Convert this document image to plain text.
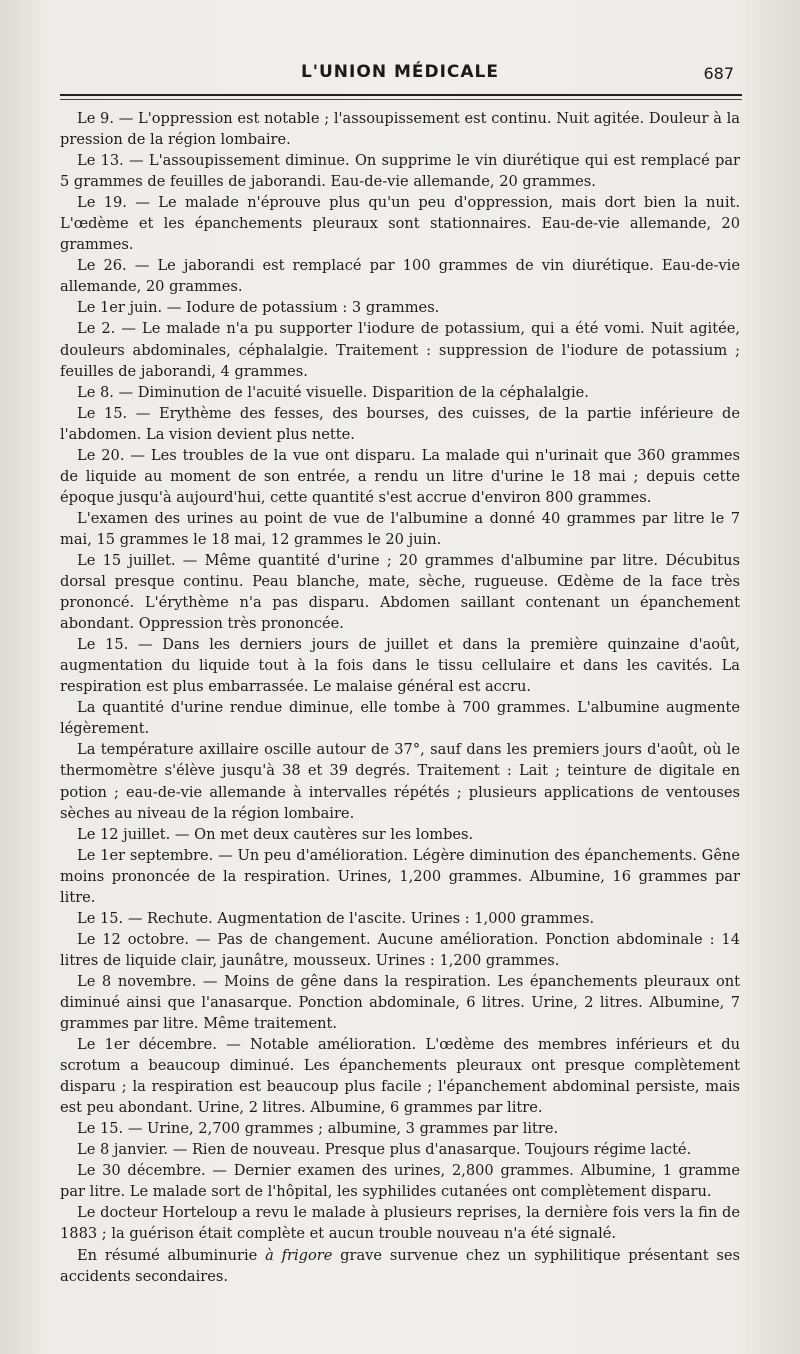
L'UNION MÉDICALE	687

Le 9. — L'oppression est notable ; l'assoupissement est continu. Nuit agitée. Douleur à la pression de la région lombaire.

Le 13. — L'assoupissement diminue. On supprime le vin diurétique qui est remplacé par 5 grammes de feuilles de jaborandi. Eau-de-vie allemande, 20 grammes.

Le 19. — Le malade n'éprouve plus qu'un peu d'oppression, mais dort bien la nuit. L'œdème et les épanchements pleuraux sont stationnaires. Eau-de-vie allemande, 20 grammes.

Le 26. — Le jaborandi est remplacé par 100 grammes de vin diurétique. Eau-de-vie allemande, 20 grammes.

Le 1er juin. — Iodure de potassium : 3 grammes.

Le 2. — Le malade n'a pu supporter l'iodure de potassium, qui a été vomi. Nuit agitée, douleurs abdominales, céphalalgie. Traitement : suppression de l'iodure de potassium ; feuilles de jaborandi, 4 grammes.

Le 8. — Diminution de l'acuité visuelle. Disparition de la céphalalgie.

Le 15. — Erythème des fesses, des bourses, des cuisses, de la partie inférieure de l'abdomen. La vision devient plus nette.

Le 20. — Les troubles de la vue ont disparu. La malade qui n'urinait que 360 grammes de liquide au moment de son entrée, a rendu un litre d'urine le 18 mai ; depuis cette époque jusqu'à aujourd'hui, cette quantité s'est accrue d'environ 800 grammes.

L'examen des urines au point de vue de l'albumine a donné 40 grammes par litre le 7 mai, 15 grammes le 18 mai, 12 grammes le 20 juin.

Le 15 juillet. — Même quantité d'urine ; 20 grammes d'albumine par litre. Décubitus dorsal presque continu. Peau blanche, mate, sèche, rugueuse. Œdème de la face très prononcé. L'érythème n'a pas disparu. Abdomen saillant contenant un épanchement abondant. Oppression très prononcée.

Le 15. — Dans les derniers jours de juillet et dans la première quinzaine d'août, augmentation du liquide tout à la fois dans le tissu cellulaire et dans les cavités. La respiration est plus embarrassée. Le malaise général est accru.

La quantité d'urine rendue diminue, elle tombe à 700 grammes. L'albumine augmente légèrement.

La température axillaire oscille autour de 37°, sauf dans les premiers jours d'août, où le thermomètre s'élève jusqu'à 38 et 39 degrés. Traitement : Lait ; teinture de digitale en potion ; eau-de-vie allemande à intervalles répétés ; plusieurs applications de ventouses sèches au niveau de la région lombaire.

Le 12 juillet. — On met deux cautères sur les lombes.

Le 1er septembre. — Un peu d'amélioration. Légère diminution des épanchements. Gêne moins prononcée de la respiration. Urines, 1,200 grammes. Albumine, 16 grammes par litre.

Le 15. — Rechute. Augmentation de l'ascite. Urines : 1,000 grammes.

Le 12 octobre. — Pas de changement. Aucune amélioration. Ponction abdominale : 14 litres de liquide clair, jaunâtre, mousseux. Urines : 1,200 grammes.

Le 8 novembre. — Moins de gêne dans la respiration. Les épanchements pleuraux ont diminué ainsi que l'anasarque. Ponction abdominale, 6 litres. Urine, 2 litres. Albumine, 7 grammes par litre. Même traitement.

Le 1er décembre. — Notable amélioration. L'œdème des membres inférieurs et du scrotum a beaucoup diminué. Les épanchements pleuraux ont presque complètement disparu ; la respiration est beaucoup plus facile ; l'épanchement abdominal persiste, mais est peu abondant. Urine, 2 litres. Albumine, 6 grammes par litre.

Le 15. — Urine, 2,700 grammes ; albumine, 3 grammes par litre.

Le 8 janvier. — Rien de nouveau. Presque plus d'anasarque. Toujours régime lacté.

Le 30 décembre. — Dernier examen des urines, 2,800 grammes. Albumine, 1 gramme par litre. Le malade sort de l'hôpital, les syphilides cutanées ont complètement disparu.

Le docteur Horteloup a revu le malade à plusieurs reprises, la dernière fois vers la fin de 1883 ; la guérison était complète et aucun trouble nouveau n'a été signalé.

En résumé albuminurie à frigore grave survenue chez un syphilitique présentant ses accidents secondaires.
